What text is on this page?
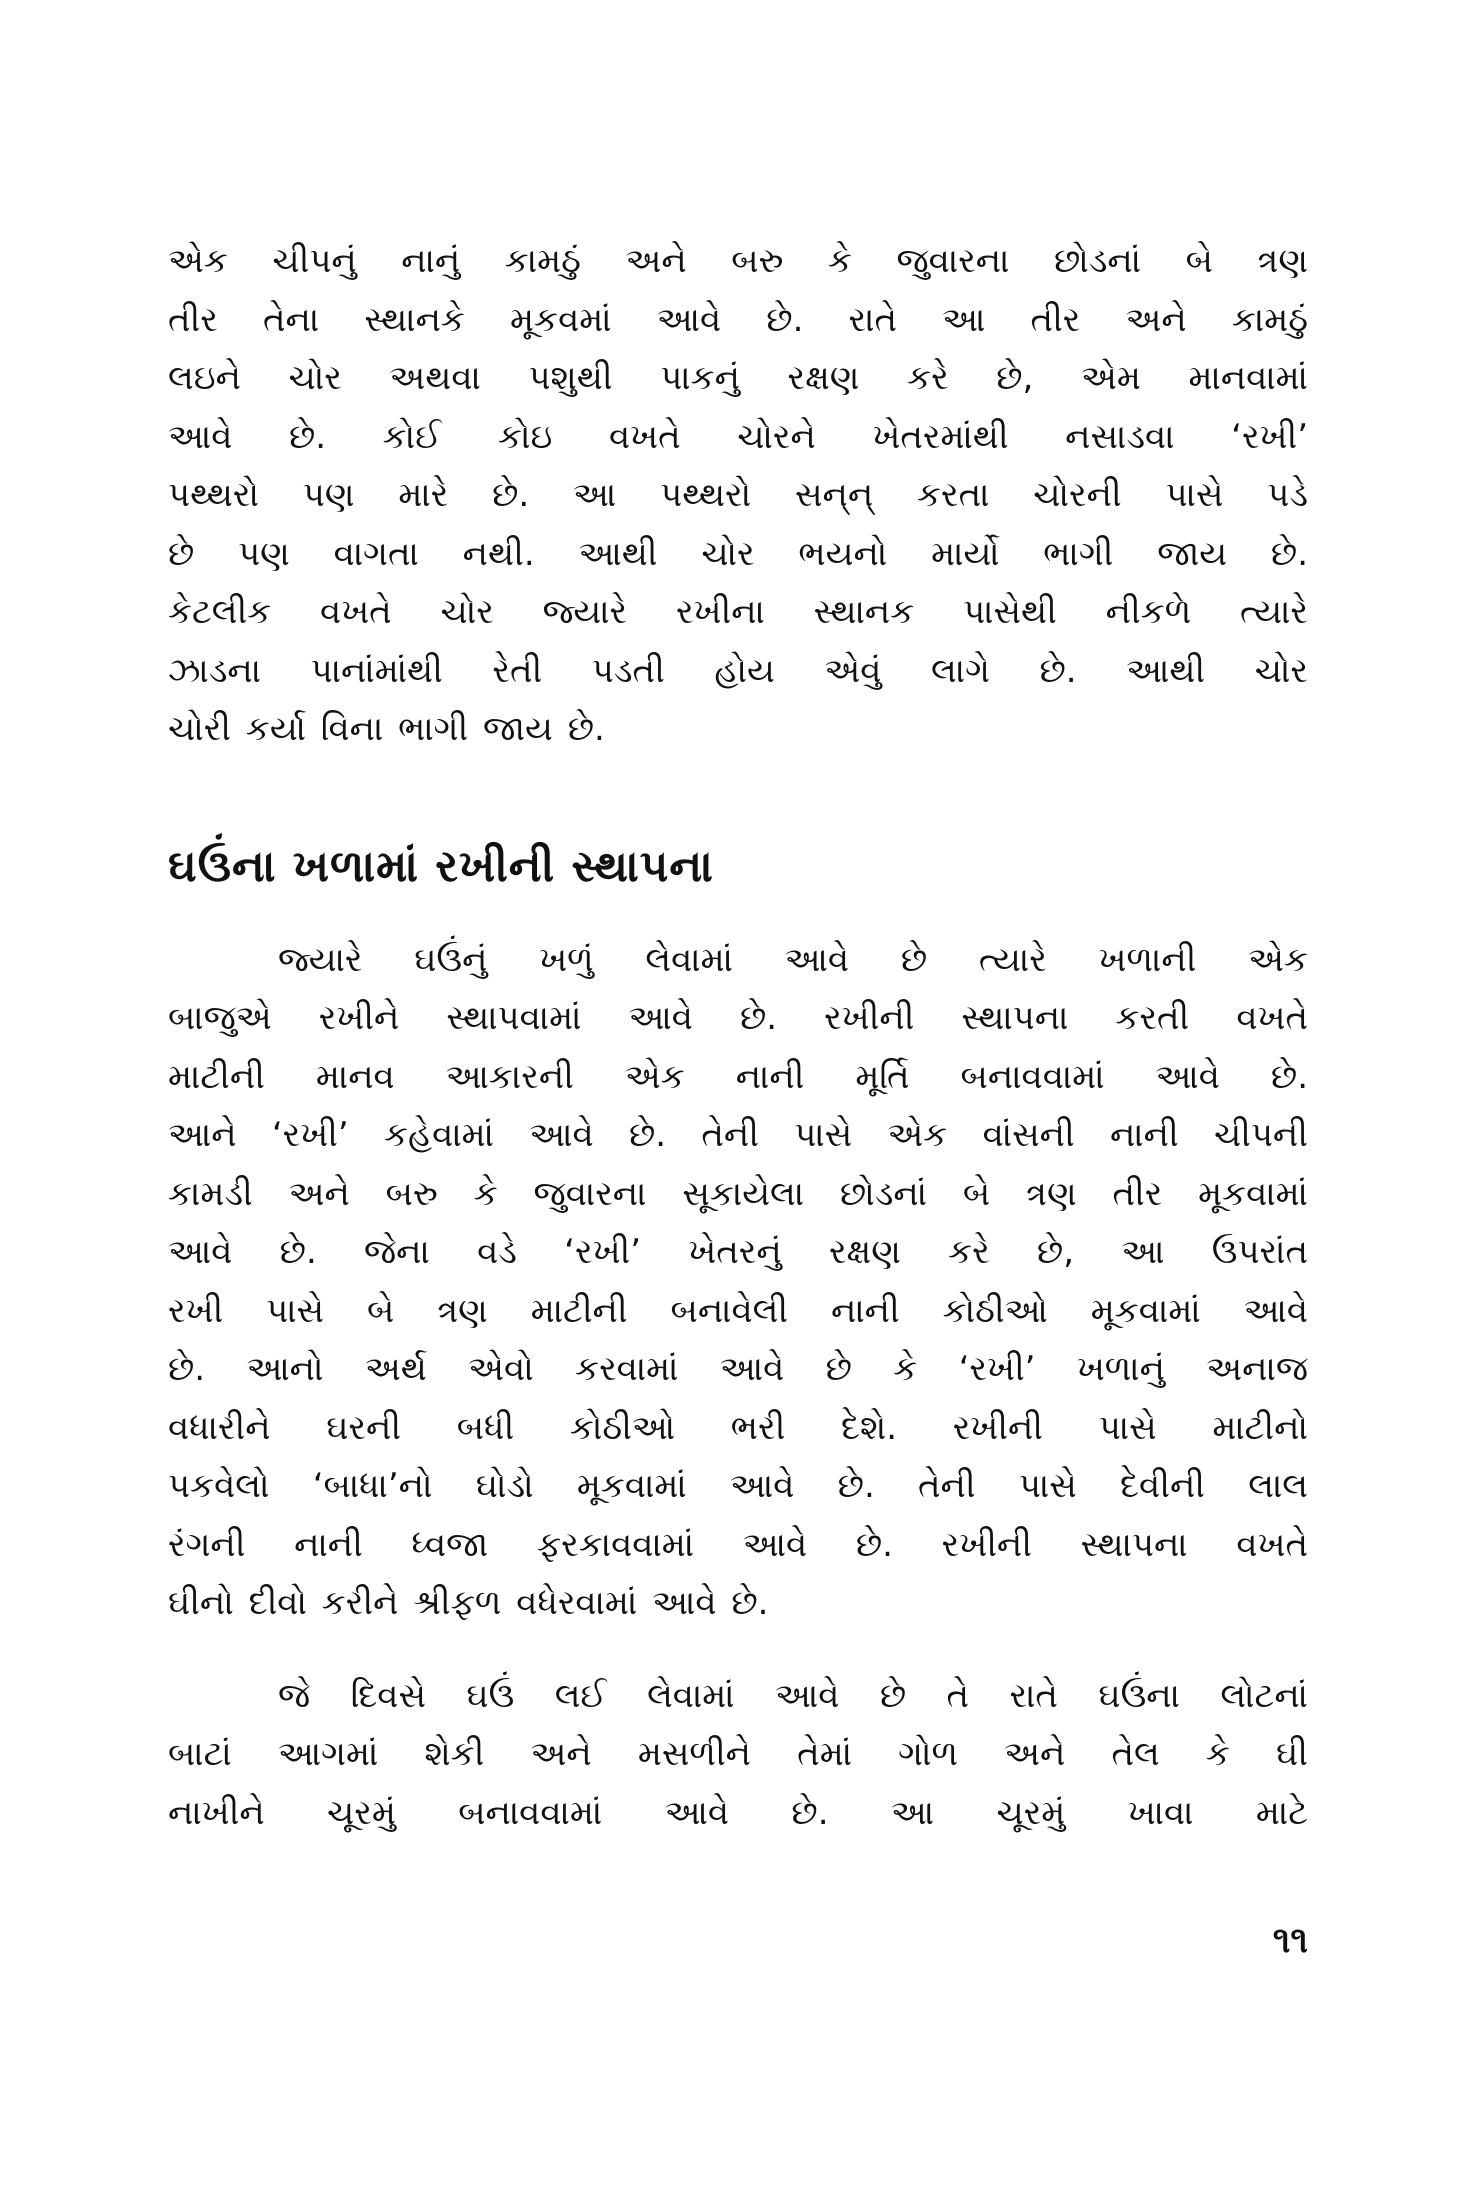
એક ચીપનું નાનું કામઠું અને બરુ કે જુવારના છોડનાં બે ત્રણ
તીર તેના સ્થાનકે મૂકવમાં આવે છે. રાતે આ તીર અને કામઠું
લઇને ચોર અથવા પશુથી પાકનું રક્ષણ કરે છે, એમ માનવામાં
આવે છે. કોઈ કોઇ વખતે ચોરને ખેતરમાંથી નસાડવા ‘રખી’
પથ્થરો પણ મારે છે. આ પથ્થરો સન્‌ન્‌ કરતા ચોરની પાસે પડે
છે પણ વાગતા નથી. આથી ચોર ભયનો માર્યો ભાગી જાય છે.
કેટલીક વખતે ચોર જ્યારે રખીના સ્થાનક પાસેથી નીકળે ત્યારે
ઝાડના પાનાંમાંથી રેતી પડતી હોય એવું લાગે છે. આથી ચોર
ચોરી કર્યા વિના ભાગી જાય છે.

ઘઉંના ખળામાં રખીની સ્થાપના

જ્યારે ઘઉંનું ખળું લેવામાં આવે છે ત્યારે ખળાની એક
બાજુએ રખીને સ્થાપવામાં આવે છે. રખીની સ્થાપના કરતી વખતે
માટીની માનવ આકારની એક નાની મૂર્તિ બનાવવામાં આવે છે.
આને ‘રખી’ કહેવામાં આવે છે. તેની પાસે એક વાંસની નાની ચીપની
કામડી અને બરુ કે જુવારના સૂકાયેલા છોડનાં બે ત્રણ તીર મૂકવામાં
આવે છે. જેના વડે ‘રખી’ ખેતરનું રક્ષણ કરે છે, આ ઉપરાંત
રખી પાસે બે ત્રણ માટીની બનાવેલી નાની કોઠીઓ મૂકવામાં આવે
છે. આનો અર્થ એવો કરવામાં આવે છે કે ‘રખી’ ખળાનું અનાજ
વધારીને ઘરની બધી કોઠીઓ ભરી દેશે. રખીની પાસે માટીનો
પકવેલો ‘બાધા’નો ઘોડો મૂકવામાં આવે છે. તેની પાસે દેવીની લાલ
રંગની નાની ધ્વજા ફરકાવવામાં આવે છે. રખીની સ્થાપના વખતે
ઘીનો દીવો કરીને શ્રીફળ વધેરવામાં આવે છે.

જે દિવસે ઘઉં લઈ લેવામાં આવે છે તે રાતે ઘઉંના લોટનાં
બાટાં આગમાં શેકી અને મસળીને તેમાં ગોળ અને તેલ કે ઘી
નાખીને ચૂરમું બનાવવામાં આવે છે. આ ચૂરમું ખાવા માટે

૧૧
